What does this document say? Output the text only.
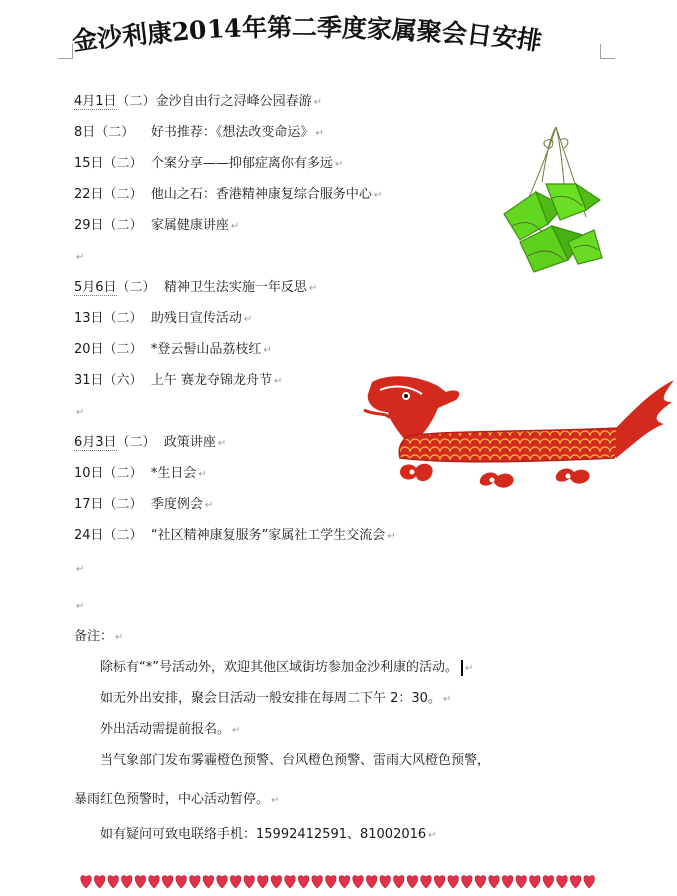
金沙利康2014年第二季度家属聚会日安排
4月1日（二）金沙自由行之浔峰公园春游 ↵
8日（二） 好书推荐：《想法改变命运》 ↵
15日（二） 个案分享——抑郁症离你有多远 ↵
22日（二） 他山之石：香港精神康复综合服务中心 ↵
29日（二） 家属健康讲座 ↵
↵
5月6日（二） 精神卫生法实施一年反思 ↵
13日（二） 助残日宣传活动 ↵
20日（二） *登云髻山品荔枝红 ↵
31日（六） 上午 赛龙夺锦龙舟节 ↵
↵
6月3日（二） 政策讲座 ↵
10日（二） *生日会 ↵
17日（二） 季度例会 ↵
24日（二） “社区精神康复服务”家属社工学生交流会 ↵
↵
↵
备注： ↵
除标有“*”号活动外，欢迎其他区域街坊参加金沙利康的活动。 ↵
如无外出安排，聚会日活动一般安排在每周二下午 2：30。 ↵
外出活动需提前报名。 ↵
当气象部门发布雾霾橙色预警、台风橙色预警、雷雨大风橙色预警，
暴雨红色预警时，中心活动暂停。 ↵
如有疑问可致电联络手机：15992412591、81002016 ↵
